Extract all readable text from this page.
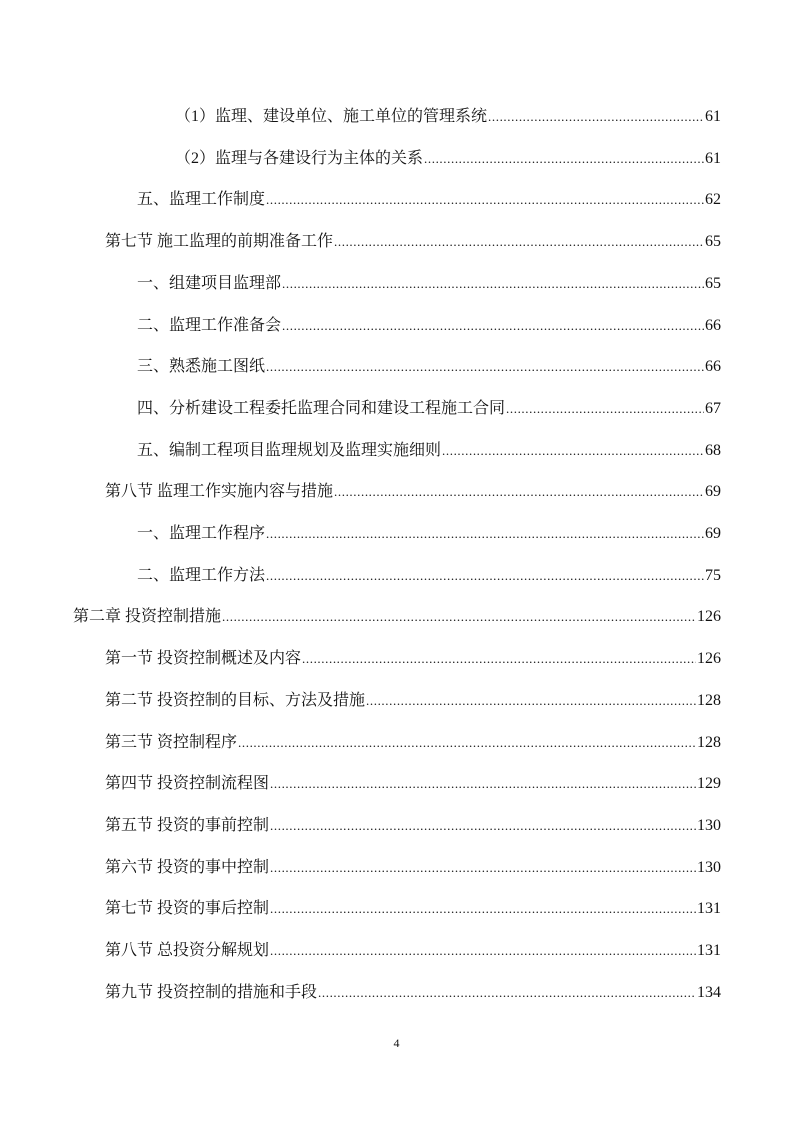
（1）监理、建设单位、施工单位的管理系统 .....	61
（2）监理与各建设行为主体的关系 .....	61
五、监理工作制度 .....	62
第七节 施工监理的前期准备工作 .....	65
一、组建项目监理部 .....	65
二、监理工作准备会 .....	66
三、熟悉施工图纸 .....	66
四、分析建设工程委托监理合同和建设工程施工合同 .....	67
五、编制工程项目监理规划及监理实施细则 .....	68
第八节 监理工作实施内容与措施 .....	69
一、监理工作程序 .....	69
二、监理工作方法 .....	75
第二章 投资控制措施 .....	126
第一节 投资控制概述及内容 .....	126
第二节 投资控制的目标、方法及措施 .....	128
第三节 资控制程序 .....	128
第四节 投资控制流程图 .....	129
第五节 投资的事前控制 .....	130
第六节 投资的事中控制 .....	130
第七节 投资的事后控制 .....	131
第八节 总投资分解规划 .....	131
第九节 投资控制的措施和手段 .....	134
4
